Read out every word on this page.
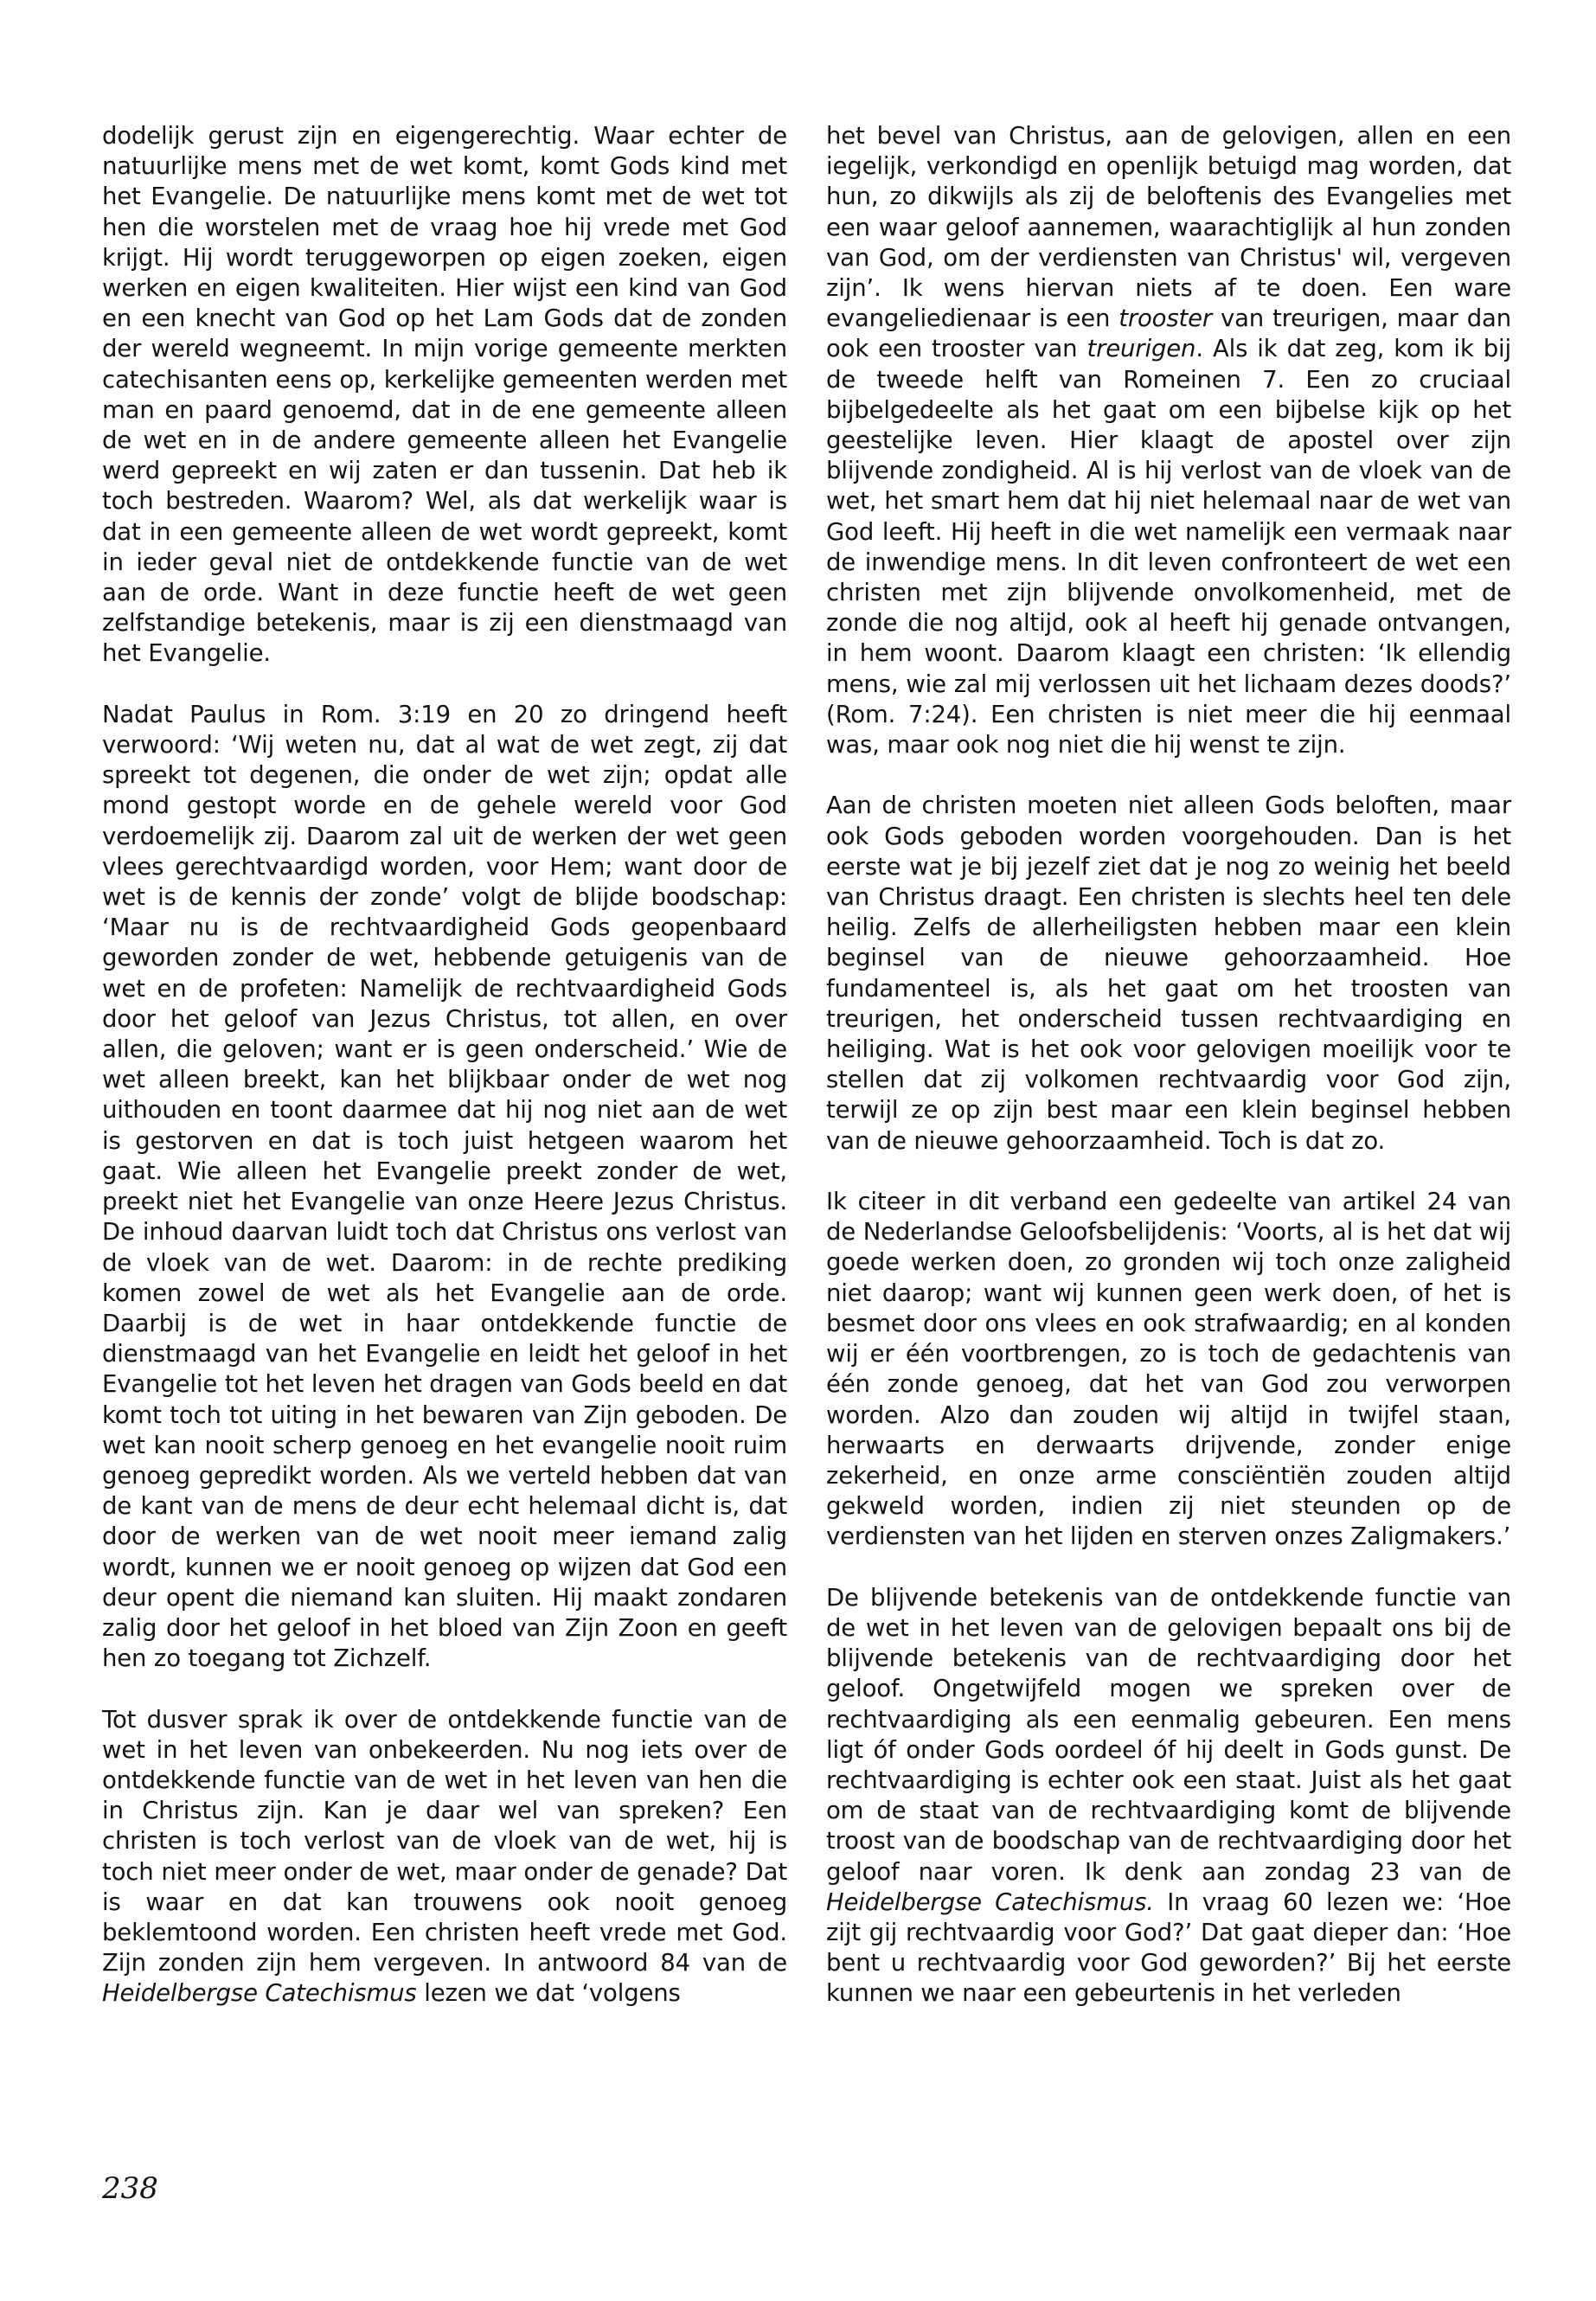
dodelijk gerust zijn en eigengerechtig. Waar echter de natuurlijke mens met de wet komt, komt Gods kind met het Evangelie. De natuurlijke mens komt met de wet tot hen die worstelen met de vraag hoe hij vrede met God krijgt. Hij wordt teruggeworpen op eigen zoeken, eigen werken en eigen kwaliteiten. Hier wijst een kind van God en een knecht van God op het Lam Gods dat de zonden der wereld wegneemt. In mijn vorige gemeente merkten catechisanten eens op, kerkelijke gemeenten werden met man en paard genoemd, dat in de ene gemeente alleen de wet en in de andere gemeente alleen het Evangelie werd gepreekt en wij zaten er dan tussenin. Dat heb ik toch bestreden. Waarom? Wel, als dat werkelijk waar is dat in een gemeente alleen de wet wordt gepreekt, komt in ieder geval niet de ontdekkende functie van de wet aan de orde. Want in deze functie heeft de wet geen zelfstandige betekenis, maar is zij een dienstmaagd van het Evangelie.

Nadat Paulus in Rom. 3:19 en 20 zo dringend heeft verwoord: ‘Wij weten nu, dat al wat de wet zegt, zij dat spreekt tot degenen, die onder de wet zijn; opdat alle mond gestopt worde en de gehele wereld voor God verdoemelijk zij. Daarom zal uit de werken der wet geen vlees gerechtvaardigd worden, voor Hem; want door de wet is de kennis der zonde’ volgt de blijde boodschap: ‘Maar nu is de rechtvaardigheid Gods geopenbaard geworden zonder de wet, hebbende getuigenis van de wet en de profeten: Namelijk de rechtvaardigheid Gods door het geloof van Jezus Christus, tot allen, en over allen, die geloven; want er is geen onderscheid.’ Wie de wet alleen breekt, kan het blijkbaar onder de wet nog uithouden en toont daarmee dat hij nog niet aan de wet is gestorven en dat is toch juist hetgeen waarom het gaat. Wie alleen het Evangelie preekt zonder de wet, preekt niet het Evangelie van onze Heere Jezus Christus. De inhoud daarvan luidt toch dat Christus ons verlost van de vloek van de wet. Daarom: in de rechte prediking komen zowel de wet als het Evangelie aan de orde. Daarbij is de wet in haar ontdekkende functie de dienstmaagd van het Evangelie en leidt het geloof in het Evangelie tot het leven het dragen van Gods beeld en dat komt toch tot uiting in het bewaren van Zijn geboden. De wet kan nooit scherp genoeg en het evangelie nooit ruim genoeg gepredikt worden. Als we verteld hebben dat van de kant van de mens de deur echt helemaal dicht is, dat door de werken van de wet nooit meer iemand zalig wordt, kunnen we er nooit genoeg op wijzen dat God een deur opent die niemand kan sluiten. Hij maakt zondaren zalig door het geloof in het bloed van Zijn Zoon en geeft hen zo toegang tot Zichzelf.

Tot dusver sprak ik over de ontdekkende functie van de wet in het leven van onbekeerden. Nu nog iets over de ontdekkende functie van de wet in het leven van hen die in Christus zijn. Kan je daar wel van spreken? Een christen is toch verlost van de vloek van de wet, hij is toch niet meer onder de wet, maar onder de genade? Dat is waar en dat kan trouwens ook nooit genoeg beklemtoond worden. Een christen heeft vrede met God. Zijn zonden zijn hem vergeven. In antwoord 84 van de Heidelbergse Catechismus lezen we dat ‘volgens

het bevel van Christus, aan de gelovigen, allen en een iegelijk, verkondigd en openlijk betuigd mag worden, dat hun, zo dikwijls als zij de beloftenis des Evangelies met een waar geloof aannemen, waarachtiglijk al hun zonden van God, om der verdiensten van Christus' wil, vergeven zijn’. Ik wens hiervan niets af te doen. Een ware evangeliedienaar is een trooster van treurigen, maar dan ook een trooster van treurigen. Als ik dat zeg, kom ik bij de tweede helft van Romeinen 7. Een zo cruciaal bijbelgedeelte als het gaat om een bijbelse kijk op het geestelijke leven. Hier klaagt de apostel over zijn blijvende zondigheid. Al is hij verlost van de vloek van de wet, het smart hem dat hij niet helemaal naar de wet van God leeft. Hij heeft in die wet namelijk een vermaak naar de inwendige mens. In dit leven confronteert de wet een christen met zijn blijvende onvolkomenheid, met de zonde die nog altijd, ook al heeft hij genade ontvangen, in hem woont. Daarom klaagt een christen: ‘Ik ellendig mens, wie zal mij verlossen uit het lichaam dezes doods?’ (Rom. 7:24). Een christen is niet meer die hij eenmaal was, maar ook nog niet die hij wenst te zijn.

Aan de christen moeten niet alleen Gods beloften, maar ook Gods geboden worden voorgehouden. Dan is het eerste wat je bij jezelf ziet dat je nog zo weinig het beeld van Christus draagt. Een christen is slechts heel ten dele heilig. Zelfs de allerheiligsten hebben maar een klein beginsel van de nieuwe gehoorzaamheid. Hoe fundamenteel is, als het gaat om het troosten van treurigen, het onderscheid tussen rechtvaardiging en heiliging. Wat is het ook voor gelovigen moeilijk voor te stellen dat zij volkomen rechtvaardig voor God zijn, terwijl ze op zijn best maar een klein beginsel hebben van de nieuwe gehoorzaamheid. Toch is dat zo.

Ik citeer in dit verband een gedeelte van artikel 24 van de Nederlandse Geloofsbelijdenis: ‘Voorts, al is het dat wij goede werken doen, zo gronden wij toch onze zaligheid niet daarop; want wij kunnen geen werk doen, of het is besmet door ons vlees en ook strafwaardig; en al konden wij er één voortbrengen, zo is toch de gedachtenis van één zonde genoeg, dat het van God zou verworpen worden. Alzo dan zouden wij altijd in twijfel staan, herwaarts en derwaarts drijvende, zonder enige zekerheid, en onze arme consciëntiën zouden altijd gekweld worden, indien zij niet steunden op de verdiensten van het lijden en sterven onzes Zaligmakers.’

De blijvende betekenis van de ontdekkende functie van de wet in het leven van de gelovigen bepaalt ons bij de blijvende betekenis van de rechtvaardiging door het geloof. Ongetwijfeld mogen we spreken over de rechtvaardiging als een eenmalig gebeuren. Een mens ligt óf onder Gods oordeel óf hij deelt in Gods gunst. De rechtvaardiging is echter ook een staat. Juist als het gaat om de staat van de rechtvaardiging komt de blijvende troost van de boodschap van de rechtvaardiging door het geloof naar voren. Ik denk aan zondag 23 van de Heidelbergse Catechismus. In vraag 60 lezen we: ‘Hoe zijt gij rechtvaardig voor God?’ Dat gaat dieper dan: ‘Hoe bent u rechtvaardig voor God geworden?’ Bij het eerste kunnen we naar een gebeurtenis in het verleden

238
